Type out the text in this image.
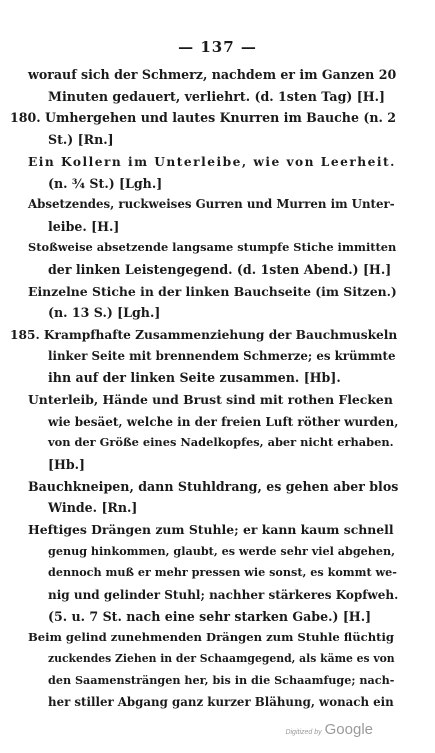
— 137 —
worauf sich der Schmerz, nachdem er im Ganzen 20
Minuten gedauert, verliehrt. (d. 1sten Tag) [H.]
180. Umhergehen und lautes Knurren im Bauche (n. 2
St.) [Rn.]
Ein Kollern im Unterleibe, wie von Leerheit.
(n. ¾ St.) [Lgh.]
Absetzendes, ruckweises Gurren und Murren im Unter-
leibe. [H.]
Stoßweise absetzende langsame stumpfe Stiche immitten
der linken Leistengegend. (d. 1sten Abend.) [H.]
Einzelne Stiche in der linken Bauchseite (im Sitzen.)
(n. 13 S.) [Lgh.]
185. Krampfhafte Zusammenziehung der Bauchmuskeln
linker Seite mit brennendem Schmerze; es krümmte
ihn auf der linken Seite zusammen. [Hb].
Unterleib, Hände und Brust sind mit rothen Flecken
wie besäet, welche in der freien Luft röther wurden,
von der Größe eines Nadelkopfes, aber nicht erhaben.
[Hb.]
Bauchkneipen, dann Stuhldrang, es gehen aber blos
Winde. [Rn.]
Heftiges Drängen zum Stuhle; er kann kaum schnell
genug hinkommen, glaubt, es werde sehr viel abgehen,
dennoch muß er mehr pressen wie sonst, es kommt we-
nig und gelinder Stuhl; nachher stärkeres Kopfweh.
(5. u. 7 St. nach eine sehr starken Gabe.) [H.]
Beim gelind zunehmenden Drängen zum Stuhle flüchtig
zuckendes Ziehen in der Schaamgegend, als käme es von
den Saamensträngen her, bis in die Schaamfuge; nach-
her stiller Abgang ganz kurzer Blähung, wonach ein
Digitized by Google
